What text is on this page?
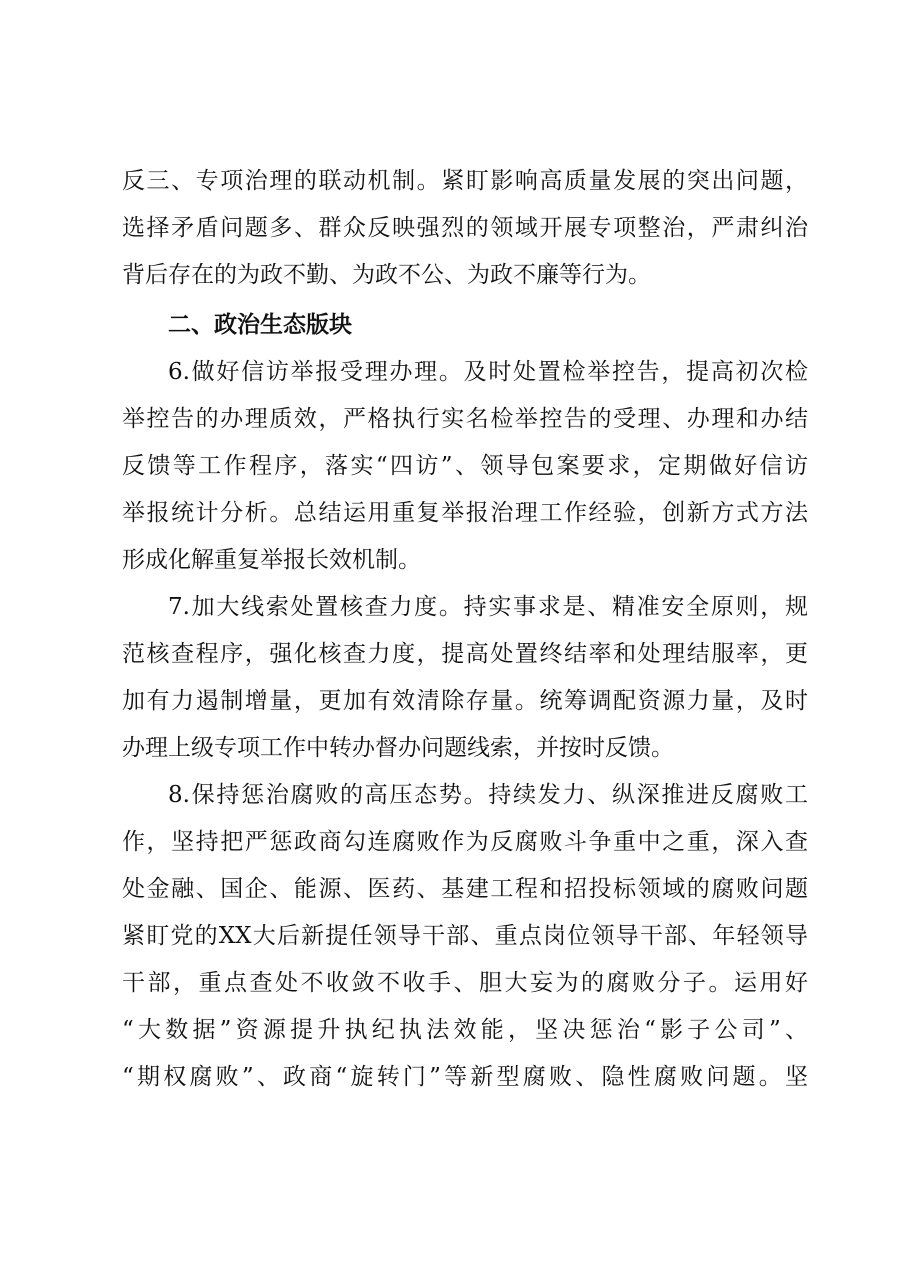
反三、专项治理的联动机制。紧盯影响高质量发展的突出问题，
选择矛盾问题多、群众反映强烈的领域开展专项整治，严肃纠治
背后存在的为政不勤、为政不公、为政不廉等行为。
二、政治生态版块
6.做好信访举报受理办理。及时处置检举控告，提高初次检
举控告的办理质效，严格执行实名检举控告的受理、办理和办结
反馈等工作程序，落实“四访”、领导包案要求，定期做好信访
举报统计分析。总结运用重复举报治理工作经验，创新方式方法
形成化解重复举报长效机制。
7.加大线索处置核查力度。持实事求是、精准安全原则，规
范核查程序，强化核查力度，提高处置终结率和处理结服率，更
加有力遏制增量，更加有效清除存量。统筹调配资源力量，及时
办理上级专项工作中转办督办问题线索，并按时反馈。
8.保持惩治腐败的高压态势。持续发力、纵深推进反腐败工
作，坚持把严惩政商勾连腐败作为反腐败斗争重中之重，深入查
处金融、国企、能源、医药、基建工程和招投标领域的腐败问题
紧盯党的XX大后新提任领导干部、重点岗位领导干部、年轻领导
干部，重点查处不收敛不收手、胆大妄为的腐败分子。运用好
“大数据”资源提升执纪执法效能，坚决惩治“影子公司”、
“期权腐败”、政商“旋转门”等新型腐败、隐性腐败问题。坚
